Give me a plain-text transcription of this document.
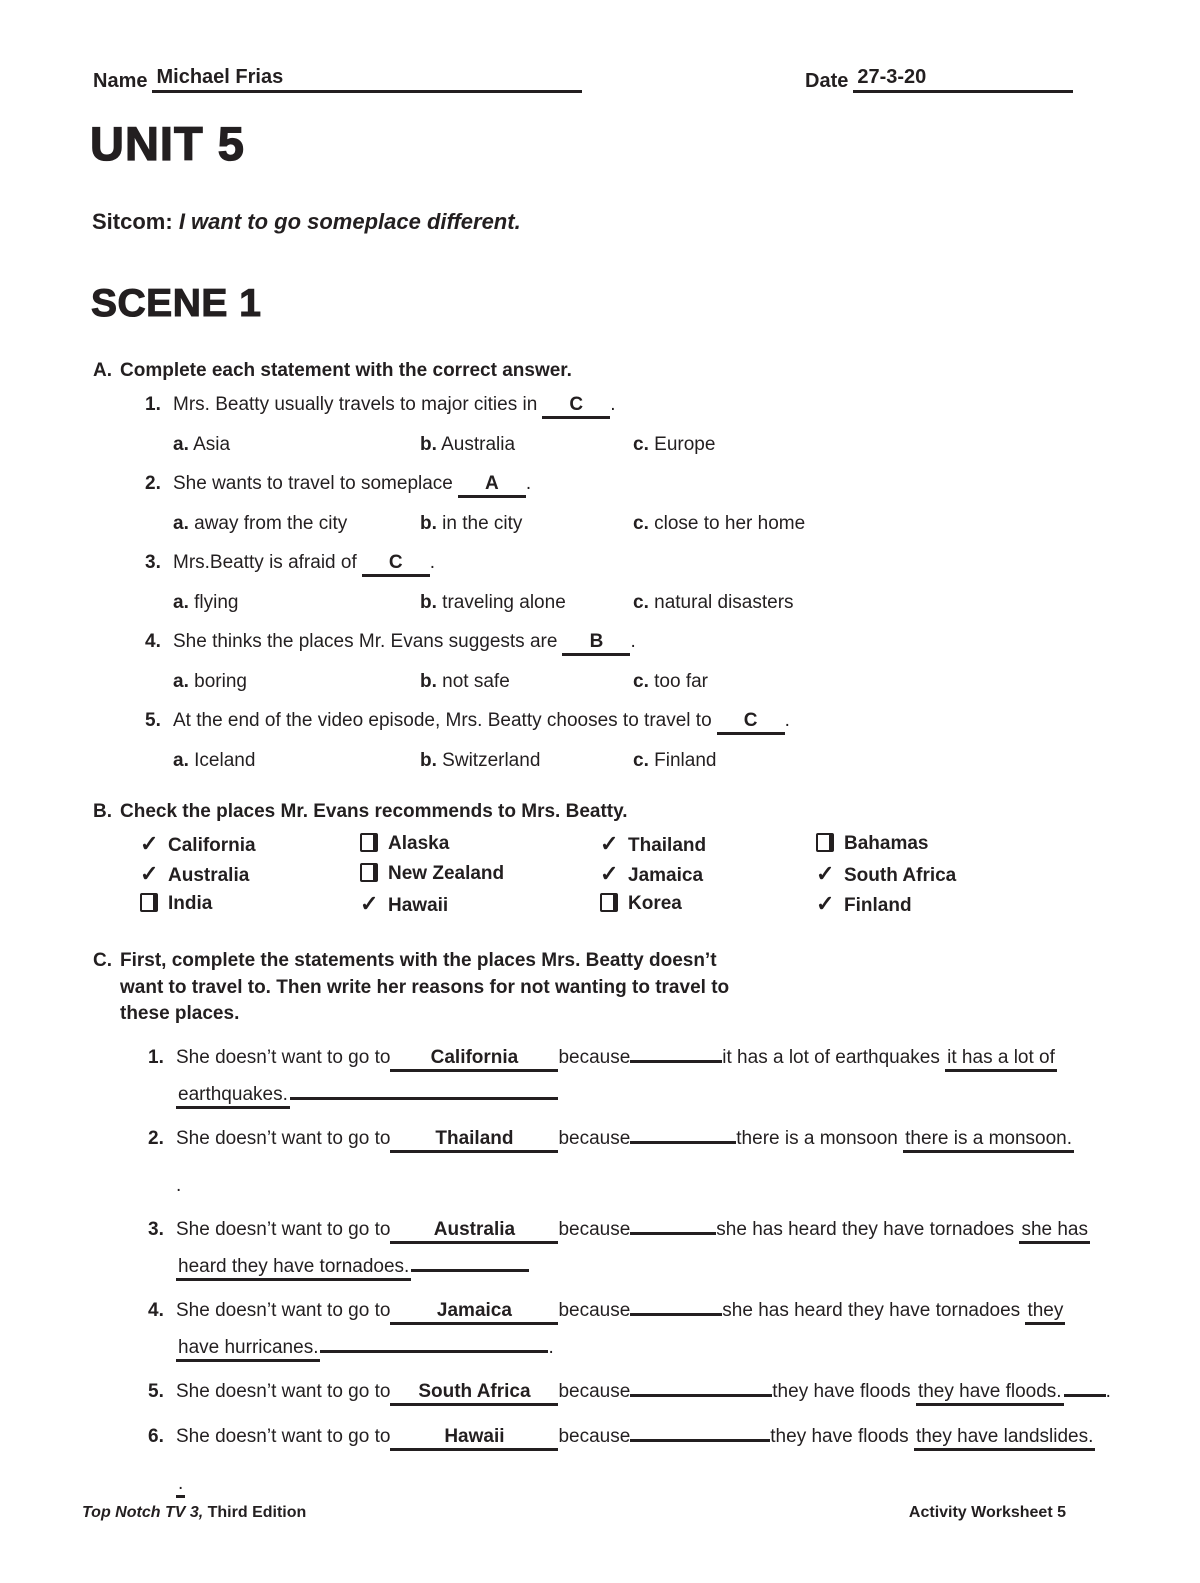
Name Michael Frias	Date 27-3-20
UNIT 5
Sitcom: I want to go someplace different.
SCENE 1
A. Complete each statement with the correct answer.
1. Mrs. Beatty usually travels to major cities in C .
a. Asia	b. Australia	c. Europe
2. She wants to travel to someplace A .
a. away from the city	b. in the city	c. close to her home
3. Mrs.Beatty is afraid of C .
a. flying	b. traveling alone	c. natural disasters
4. She thinks the places Mr. Evans suggests are B .
a. boring	b. not safe	c. too far
5. At the end of the video episode, Mrs. Beatty chooses to travel to C .
a. Iceland	b. Switzerland	c. Finland
B. Check the places Mr. Evans recommends to Mrs. Beatty.
✓California	Alaska ✓	Thailand	Bahamas
✓Australia	New Zealand ✓	Jamaica ✓	South Africa
India ✓	Hawaii	Korea ✓	Finland
C. First, complete the statements with the places Mrs. Beatty doesn’t
want to travel to. Then write her reasons for not wanting to travel to
these places.
1. She doesn’t want to go to California because	it has a lot of earthquakes it has a lot of
earthquakes.
2. She doesn’t want to go to Thailand because	there is a monsoon there is a monsoon.
.
3. She doesn’t want to go to Australia because	she has heard they have tornadoes she has
heard they have tornadoes.
4. She doesn’t want to go to Jamaica because	she has heard they have tornadoes they
have hurricanes.	.
5. She doesn’t want to go to South Africa because	they have floods they have floods. .
6. She doesn’t want to go to	Hawaii	because	they have floods they have landslides.
.
Top Notch TV 3, Third Edition	Activity Worksheet 5
